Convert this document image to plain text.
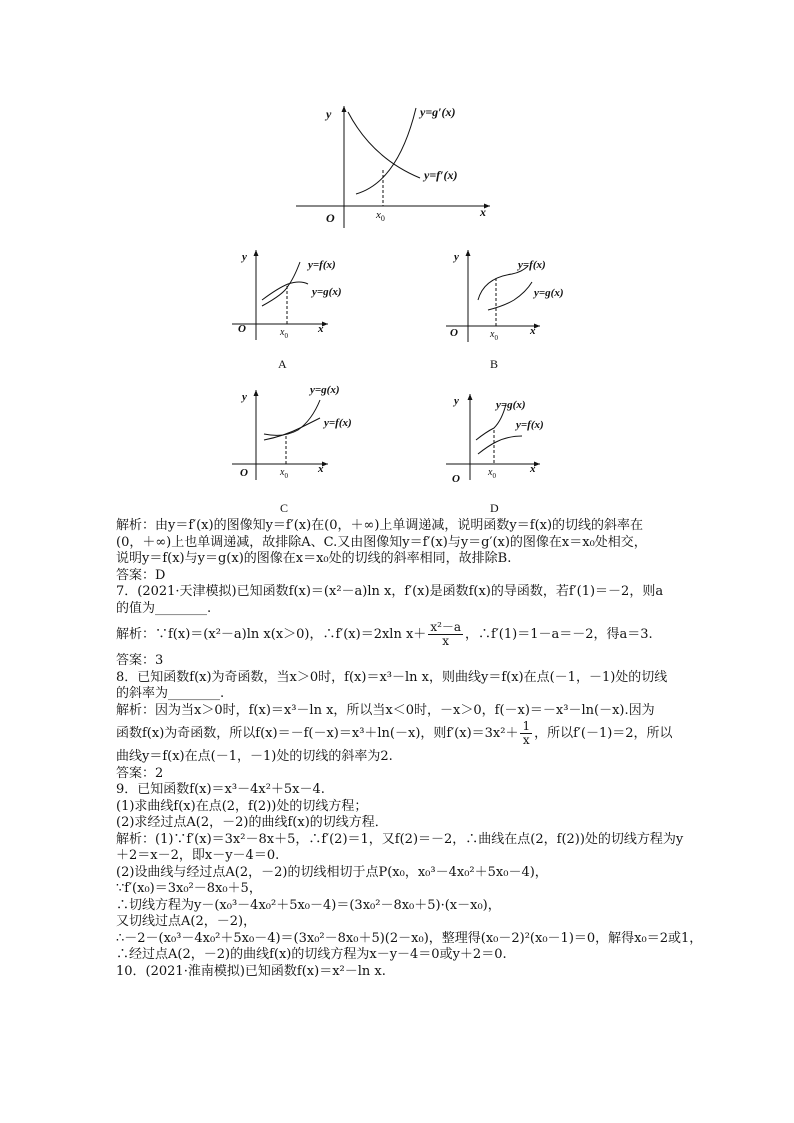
y
x
O	$x_0$
y=g′(x)
y=f′(x)
y
x
O	$x_0$
y=f(x)
y=g(x)
A
y
x
O	$x_0$
y=f(x)
y=g(x)
B
y
x
O	$x_0$
y=g(x)
y=f(x)
C
y
x
O
$x_0$
y=g(x)
y=f(x)
D

解析：由y＝f′(x)的图像知y＝f′(x)在(0，＋∞)上单调递减，说明函数y＝f(x)的切线的斜率在

(0，＋∞)上也单调递减，故排除A、C.又由图像知y＝f′(x)与y＝g′(x)的图像在x＝x₀处相交，

说明y＝f(x)与y＝g(x)的图像在x＝x₀处的切线的斜率相同，故排除B.

答案：D

7．(2021·天津模拟)已知函数f(x)＝(x²－a)ln x，f′(x)是函数f(x)的导函数，若f′(1)＝－2，则a

的值为________.

解析：∵f(x)＝(x²－a)ln x(x＞0)，∴f′(x)＝2xln $x+ \frac{\text{x²－a}}{x}$ ，∴f′(1)＝1－a＝－2，得a＝3.

答案：3

8．已知函数f(x)为奇函数，当x＞0时，f(x)＝x³－ln x，则曲线y＝f(x)在点(－1，－1)处的切线

的斜率为________.

解析：因为当x＞0时，f(x)＝x³－ln x，所以当x＜0时，－x＞0，f(－x)＝－x³－ln(－x).因为

函数f(x)为奇函数，所以f(x)＝－f(－x)＝x³＋ln(－x)，则$f'(x)=3x^2+ \frac{1}{x}$ ，所以f′(－1)＝2，所以

曲线y＝f(x)在点(－1，－1)处的切线的斜率为2.

答案：2

9．已知函数f(x)＝x³－4x²＋5x－4.

(1)求曲线f(x)在点(2，f(2))处的切线方程；

(2)求经过点A(2，－2)的曲线f(x)的切线方程．

解析：(1)∵f′(x)＝3x²－8x＋5，∴f′(2)＝1，又f(2)＝－2，∴曲线在点(2，f(2))处的切线方程为y

＋2＝x－2，即x－y－4＝0.

(2)设曲线与经过点A(2，－2)的切线相切于点P(x₀，x₀³－4x₀²＋5x₀－4)，

∵f′(x₀)＝3x₀²－8x₀＋5，

∴切线方程为y－(x₀³－4x₀²＋5x₀－4)＝(3x₀²－8x₀＋5)·(x－x₀)，

又切线过点A(2，－2)，

∴－2－(x₀³－4x₀²＋5x₀－4)＝(3x₀²－8x₀＋5)(2－x₀)，整理得(x₀－2)²(x₀－1)＝0，解得x₀＝2或1，

∴经过点A(2，－2)的曲线f(x)的切线方程为x－y－4＝0或y＋2＝0.

10．(2021·淮南模拟)已知函数f(x)＝x²－ln x.
